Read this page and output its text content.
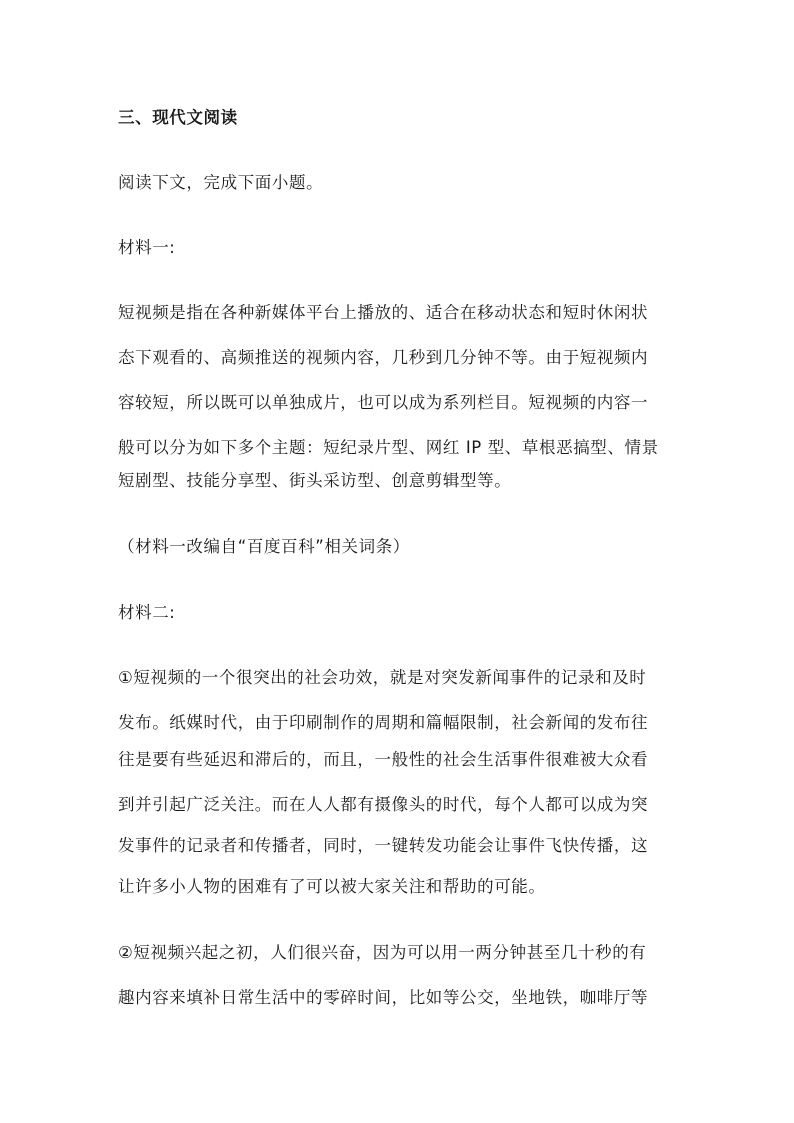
三、现代文阅读
阅读下文，完成下面小题。
材料一:
短视频是指在各种新媒体平台上播放的、适合在移动状态和短时休闲状
态下观看的、高频推送的视频内容，几秒到几分钟不等。由于短视频内
容较短，所以既可以单独成片，也可以成为系列栏目。短视频的内容一
般可以分为如下多个主题：短纪录片型、网红 IP 型、草根恶搞型、情景
短剧型、技能分享型、街头采访型、创意剪辑型等。
（材料一改编自“百度百科”相关词条）
材料二:
①短视频的一个很突出的社会功效，就是对突发新闻事件的记录和及时
发布。纸媒时代，由于印刷制作的周期和篇幅限制，社会新闻的发布往
往是要有些延迟和滞后的，而且，一般性的社会生活事件很难被大众看
到并引起广泛关注。而在人人都有摄像头的时代，每个人都可以成为突
发事件的记录者和传播者，同时，一键转发功能会让事件飞快传播，这
让许多小人物的困难有了可以被大家关注和帮助的可能。
②短视频兴起之初，人们很兴奋，因为可以用一两分钟甚至几十秒的有
趣内容来填补日常生活中的零碎时间，比如等公交，坐地铁，咖啡厅等
